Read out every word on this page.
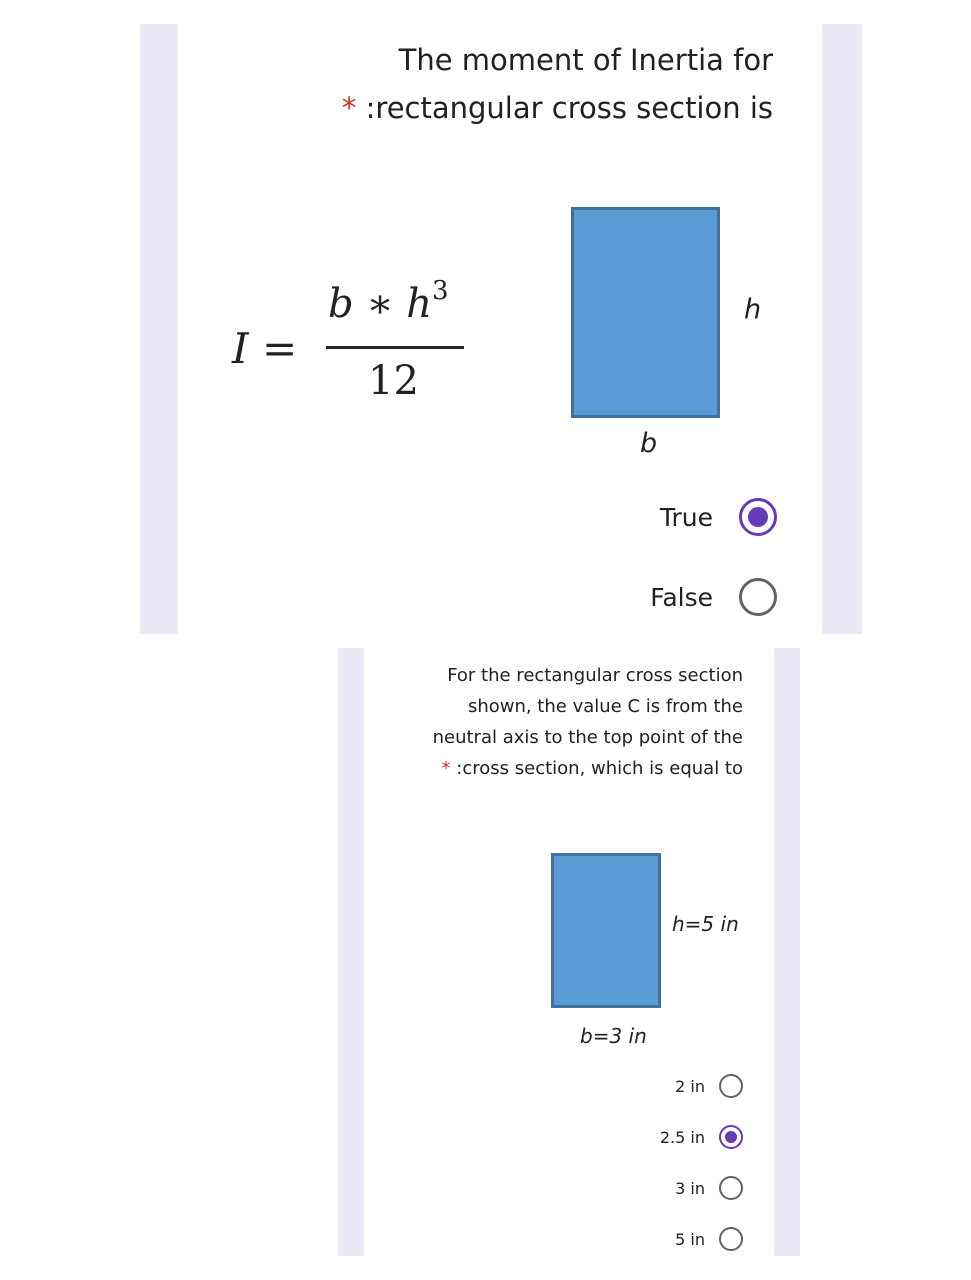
The moment of Inertia for
* :rectangular cross section is
I =
b ∗ $h^3$
12
h
b
True
False
For the rectangular cross section
shown, the value C is from the
neutral axis to the top point of the
* :cross section, which is equal to
h=5 in
b=3 in
2 in
2.5 in
3 in
5 in
